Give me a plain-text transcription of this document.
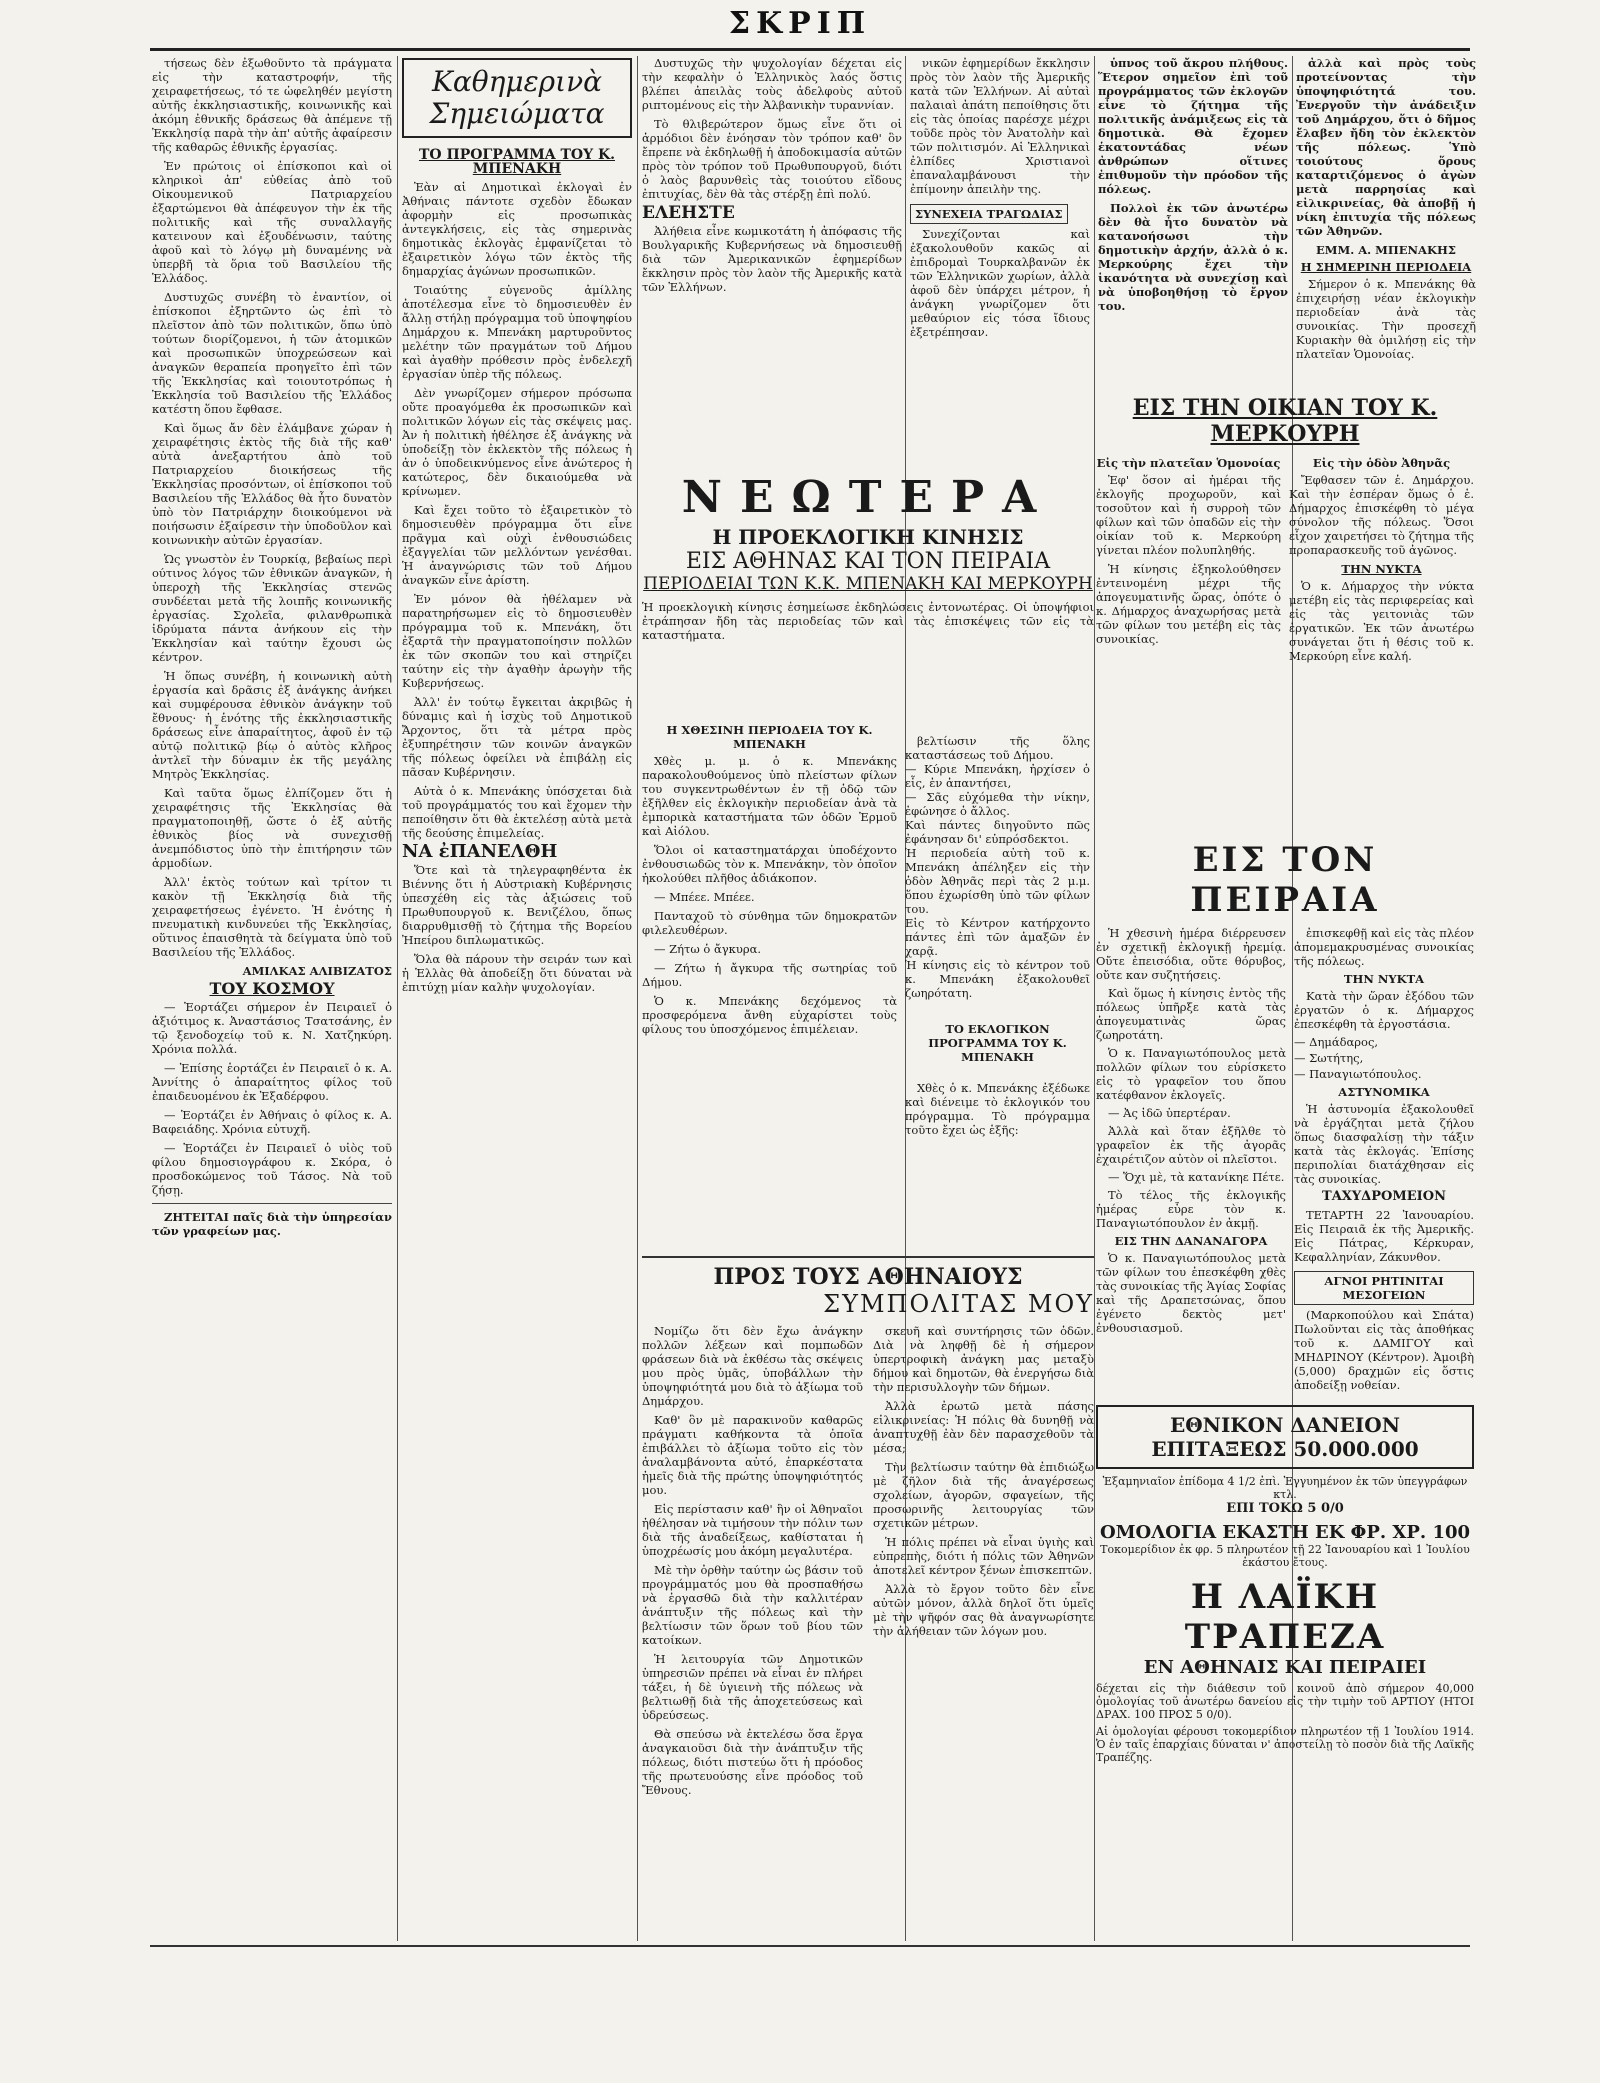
ΣΚΡΙΠ

τήσεως δὲν ἐξωθοῦντο τὰ πράγματα εἰς τὴν καταστροφήν, τῆς χειραφετήσεως, τό τε ὡφεληθέν μεγίστη αὐτῆς ἐκκλησιαστικῆς, κοινωνικῆς καὶ ἀκόμη ἐθνικῆς δράσεως θὰ ἀπέμενε τῇ Ἐκκλησίᾳ παρὰ τὴν ἀπ' αὐτῆς ἀφαίρεσιν τῆς καθαρῶς ἐθνικῆς ἐργασίας.

Ἐν πρώτοις οἱ ἐπίσκοποι καὶ οἱ κληρικοὶ ἀπ' εὐθείας ἀπὸ τοῦ Οἰκουμενικοῦ Πατριαρχείου ἐξαρτώμενοι θὰ ἀπέφευγον τὴν ἐκ τῆς πολιτικῆς καὶ τῆς συναλλαγῆς κατεινουν καὶ ἐξουδένωσιν, ταύτης ἀφοῦ καὶ τὸ λόγῳ μὴ δυναμένης νὰ ὑπερβῆ τὰ ὅρια τοῦ Βασιλείου τῆς Ἑλλάδος.

Δυστυχῶς συνέβη τὸ ἐναντίον, οἱ ἐπίσκοποι ἐξηρτῶντο ὡς ἐπὶ τὸ πλεῖστον ἀπὸ τῶν πολιτικῶν, ὅπω ὑπὸ τούτων διορίζομενοι, ἡ τῶν ἀτομικῶν καὶ προσωπικῶν ὑποχρεώσεων καὶ ἀναγκῶν θεραπεία προηγεῖτο ἐπὶ τῶν τῆς Ἐκκλησίας καὶ τοιουτοτρόπως ἡ Ἐκκλησία τοῦ Βασιλείου τῆς Ἑλλάδος κατέστη ὅπου ἔφθασε.

Καὶ ὅμως ἄν δὲν ἐλάμβανε χώραν ἡ χειραφέτησις ἐκτὸς τῆς διὰ τῆς καθ' αὐτὰ ἀνεξαρτήτου ἀπὸ τοῦ Πατριαρχείου διοικήσεως τῆς Ἐκκλησίας προσόντων, οἱ ἐπίσκοποι τοῦ Βασιλείου τῆς Ἑλλάδος θὰ ἦτο δυνατὸν ὑπὸ τὸν Πατριάρχην διοικούμενοι νὰ ποιήσωσιν ἐξαίρεσιν τὴν ὑποδοῦλον καὶ κοινωνικὴν αὐτῶν ἐργασίαν.

Ὡς γνωστὸν ἐν Τουρκίᾳ, βεβαίως περὶ ούτινος λόγος τῶν ἐθνικῶν ἀναγκῶν, ἡ ὑπεροχὴ τῆς Ἐκκλησίας στενῶς συνδέεται μετὰ τῆς λοιπῆς κοινωνικῆς ἐργασίας. Σχολεῖα, φιλανθρωπικὰ ἱδρύματα πάντα ἀνήκουν εἰς τὴν Ἐκκλησίαν καὶ ταύτην ἔχουσι ὡς κέντρον.

Ἡ ὅπως συνέβη, ἡ κοινωνικὴ αὐτὴ ἐργασία καὶ δρᾶσις ἐξ ἀνάγκης ἀνήκει καὶ συμφέρουσα ἐθνικὸν ἀνάγκην τοῦ ἔθνους· ἡ ἑνότης τῆς ἐκκλησιαστικῆς δράσεως εἶνε ἀπαραίτητος, ἀφοῦ ἐν τῷ αὐτῷ πολιτικῷ βίῳ ὁ αὐτὸς κλῆρος ἀντλεῖ τὴν δύναμιν ἐκ τῆς μεγάλης Μητρὸς Ἐκκλησίας.

Καὶ ταῦτα ὅμως ἐλπίζομεν ὅτι ἡ χειραφέτησις τῆς Ἐκκλησίας θὰ πραγματοποιηθῇ, ὥστε ὁ ἐξ αὐτῆς ἐθνικὸς βίος νὰ συνεχισθῇ ἀνεμπόδιστος ὑπὸ τὴν ἐπιτήρησιν τῶν ἁρμοδίων.

Ἀλλ' ἐκτὸς τούτων καὶ τρίτον τι κακὸν τῇ Ἐκκλησίᾳ διὰ τῆς χειραφετήσεως ἐγένετο. Ἡ ἐνότης ἡ πνευματικὴ κινδυνεύει τῆς Ἐκκλησίας, οὕτινος ἐπαισθητὰ τὰ δείγματα ὑπὸ τοῦ Βασιλείου τῆς Ἑλλάδος.

ΑΜΙΛΚΑΣ ΑΛΙΒΙΖΑΤΟΣ
ΤΟΥ ΚΟΣΜΟΥ

— Ἑορτάζει σήμερον ἐν Πειραιεῖ ὁ ἀξιότιμος κ. Ἀναστάσιος Τσατσάνης, ἐν τῷ ξενοδοχείῳ τοῦ κ. Ν. Χατζηκύρη. Χρόνια πολλά.

— Ἑπίσης ἑορτάζει ἐν Πειραιεῖ ὁ κ. Α. Ἀννίτης ὁ ἀπαραίτητος φίλος τοῦ ἐπαιδευομένου ἐκ Ἑξαδέρφου.

— Ἑορτάζει ἐν Ἀθήναις ὁ φίλος κ. Α. Βαφειάδης. Χρόνια εὐτυχῆ.

— Ἑορτάζει ἐν Πειραιεῖ ὁ υἱὸς τοῦ φίλου δημοσιογράφου κ. Σκόρα, ὁ προσδοκώμενος τοῦ Τάσος. Νὰ τοῦ ζήσῃ.

ΖΗΤΕΙΤΑΙ παῖς διὰ τὴν ὑπηρεσίαν τῶν γραφείων μας.

Καθημερινὰ Σημειώματα
ΤΟ ΠΡΟΓΡΑΜΜΑ ΤΟΥ Κ. ΜΠΕΝΑΚΗ

Ἐὰν αἱ Δημοτικαὶ ἐκλογαὶ ἐν Ἀθήναις πάντοτε σχεδὸν ἔδωκαν ἀφορμὴν εἰς προσωπικὰς ἀντεγκλήσεις, εἰς τὰς σημερινὰς δημοτικὰς ἐκλογὰς ἐμφανίζεται τὸ ἐξαιρετικὸν λόγω τῶν ἐκτὸς τῆς δημαρχίας ἀγώνων προσωπικῶν.

Τοιαύτης εὐγενοῦς ἁμίλλης ἀποτέλεσμα εἶνε τὸ δημοσιευθὲν ἐν ἄλλῃ στήλῃ πρόγραμμα τοῦ ὑποψηφίου Δημάρχου κ. Μπενάκη μαρτυροῦντος μελέτην τῶν πραγμάτων τοῦ Δήμου καὶ ἀγαθὴν πρόθεσιν πρὸς ἐνδελεχῆ ἐργασίαν ὑπὲρ τῆς πόλεως.

Δὲν γνωρίζομεν σήμερον πρόσωπα οὔτε προαγόμεθα ἐκ προσωπικῶν καὶ πολιτικῶν λόγων εἰς τὰς σκέψεις μας. Ἀν ἡ πολιτικὴ ἡθέλησε ἐξ ἀνάγκης νὰ ὑποδείξῃ τὸν ἐκλεκτὸν τῆς πόλεως ἡ ἀν ὁ ὑποδεικνύμενος εἶνε ἀνώτερος ἡ κατώτερος, δὲν δικαιούμεθα νὰ κρίνωμεν.

Καὶ ἔχει τοῦτο τὸ ἐξαιρετικὸν τὸ δημοσιευθὲν πρόγραμμα ὅτι εἶνε πρᾶγμα καὶ οὐχὶ ἐνθουσιώδεις ἐξαγγελίαι τῶν μελλόντων γενέσθαι. Ἡ ἀναγνώρισις τῶν τοῦ Δήμου ἀναγκῶν εἶνε ἀρίστη.

Ἐν μόνον θὰ ἠθέλαμεν νὰ παρατηρήσωμεν εἰς τὸ δημοσιευθὲν πρόγραμμα τοῦ κ. Μπενάκη, ὅτι ἐξαρτᾶ τὴν πραγματοποίησιν πολλῶν ἐκ τῶν σκοπῶν του καὶ στηρίζει ταύτην εἰς τὴν ἀγαθὴν ἀρωγὴν τῆς Κυβερνήσεως.

Ἀλλ' ἐν τούτῳ ἔγκειται ἀκριβῶς ἡ δύναμις καὶ ἡ ἰσχὺς τοῦ Δημοτικοῦ Ἄρχοντος, ὅτι τὰ μέτρα πρὸς ἐξυπηρέτησιν τῶν κοινῶν ἀναγκῶν τῆς πόλεως ὀφείλει νὰ ἐπιβάλῃ εἰς πᾶσαν Κυβέρνησιν.

Αὐτὰ ὁ κ. Μπενάκης ὑπόσχεται διὰ τοῦ προγράμματός του καὶ ἔχομεν τὴν πεποίθησιν ὅτι θὰ ἐκτελέσῃ αὐτὰ μετὰ τῆς δεούσης ἐπιμελείας.

ΝΑ ἐΠΑΝΕΛΘΗ

Ὅτε καὶ τὰ τηλεγραφηθέντα ἐκ Βιέννης ὅτι ἡ Αὐστριακὴ Κυβέρνησις ὑπεσχέθη εἰς τὰς ἀξιώσεις τοῦ Πρωθυπουργοῦ κ. Βενιζέλου, ὅπως διαρρυθμισθῇ τὸ ζήτημα τῆς Βορείου Ἠπείρου διπλωματικῶς.

Ὅλα θὰ πάρουν τὴν σειράν των καὶ ἡ Ἑλλὰς θὰ ἀποδείξῃ ὅτι δύναται νὰ ἐπιτύχῃ μίαν καλὴν ψυχολογίαν.

Δυστυχῶς τὴν ψυχολογίαν δέχεται εἰς τὴν κεφαλὴν ὁ Ἑλληνικὸς λαός ὅστις βλέπει ἀπειλὰς τοὺς ἀδελφοὺς αὐτοῦ ριπτομένους εἰς τὴν Ἀλβανικὴν τυραννίαν.

Τὸ θλιβερώτερον ὅμως εἶνε ὅτι οἱ ἁρμόδιοι δὲν ἐνόησαν τὸν τρόπον καθ' ὃν ἔπρεπε νὰ ἐκδηλωθῇ ἡ ἀποδοκιμασία αὐτῶν πρὸς τὸν τρόπον τοῦ Πρωθυπουργοῦ, διότι ὁ λαὸς βαρυνθεὶς τὰς τοιούτου εἴδους ἐπιτυχίας, δὲν θὰ τὰς στέρξῃ ἐπὶ πολύ.

ΕΛΕΗΣΤΕ

Ἀλήθεια εἶνε κωμικοτάτη ἡ ἀπόφασις τῆς Βουλγαρικῆς Κυβερνήσεως νὰ δημοσιευθῇ διὰ τῶν Ἀμερικανικῶν ἐφημερίδων ἔκκλησιν πρὸς τὸν λαὸν τῆς Ἀμερικῆς κατὰ τῶν Ἑλλήνων.

νικῶν ἐφημερίδων ἔκκλησιν πρὸς τὸν λαὸν τῆς Ἀμερικῆς κατὰ τῶν Ἑλλήνων. Αἱ αὐταὶ παλαιαὶ ἀπάτη πεποίθησις ὅτι εἰς τὰς ὁποίας παρέσχε μέχρι τοῦδε πρὸς τὸν Ἀνατολὴν καὶ τῶν πολιτισμόν. Αἱ Ἑλληνικαὶ ἐλπίδες Χριστιανοὶ ἐπαναλαμβάνουσι τὴν ἐπίμονην ἀπειλὴν της.

ΣΥΝΕΧΕΙΑ ΤΡΑΓΩΔΙΑΣ

Συνεχίζονται καὶ ἐξακολουθοῦν κακῶς αἱ ἐπιδρομαὶ Τουρκαλβανῶν ἐκ τῶν Ἑλληνικῶν χωρίων, ἀλλὰ ἀφοῦ δὲν ὑπάρχει μέτρον, ἡ ἀνάγκη γνωρίζομεν ὅτι μεθαύριον εἰς τόσα ἴδιους ἐξετρέπησαν.

ΝΕΩΤΕΡΑ
Η ΠΡΟΕΚΛΟΓΙΚΗ ΚΙΝΗΣΙΣ
ΕΙΣ ΑΘΗΝΑΣ ΚΑΙ ΤΟΝ ΠΕΙΡΑΙΑ
ΠΕΡΙΟΔΕΙΑΙ ΤΩΝ Κ.Κ. ΜΠΕΝΑΚΗ ΚΑΙ ΜΕΡΚΟΥΡΗ

Ἡ προεκλογικὴ κίνησις ἐσημείωσε ἐκδηλώσεις ἐντονωτέρας. Οἱ ὑποψήφιοι ἐτράπησαν ἤδη τὰς περιοδείας τῶν καὶ τὰς ἐπισκέψεις τῶν εἰς τὰ καταστήματα.

Η ΧΘΕΣΙΝΗ ΠΕΡΙΟΔΕΙΑ ΤΟΥ Κ. ΜΠΕΝΑΚΗ

Χθὲς μ. μ. ὁ κ. Μπενάκης παρακολουθούμενος ὑπὸ πλείστων φίλων του συγκεντρωθέντων ἐν τῇ ὁδῷ τῶν ἐξῆλθεν εἰς ἐκλογικὴν περιοδείαν ἀνὰ τὰ ἐμπορικὰ καταστήματα τῶν ὁδῶν Ἑρμοῦ καὶ Αἰόλου.

Ὅλοι οἱ καταστηματάρχαι ὑποδέχοντο ἐνθουσιωδῶς τὸν κ. Μπενάκην, τὸν ὁποῖον ἠκολούθει πλῆθος ἀδιάκοπον.

— Μπέεε. Μπέεε.

Πανταχοῦ τὸ σύνθημα τῶν δημοκρατῶν φιλελευθέρων.

— Ζήτω ὁ ἄγκυρα.

— Ζήτω ἡ ἄγκυρα τῆς σωτηρίας τοῦ Δήμου.

Ὁ κ. Μπενάκης δεχόμενος τὰ προσφερόμενα ἄνθη εὐχαρίστει τοὺς φίλους του ὑποσχόμενος ἐπιμέλειαν.

βελτίωσιν τῆς ὅλης καταστάσεως τοῦ Δήμου.
— Κύριε Μπενάκη, ἠρχίσεν ὁ εἷς, ἐν ἀπαντήσει,
— Σᾶς εὐχόμεθα τὴν νίκην, ἐφώνησε ὁ ἄλλος.
Καὶ πάντες διηγοῦντο πῶς ἐφάνησαν δι' εὐπρόσδεκτοι.
Ἡ περιοδεία αὐτὴ τοῦ κ. Μπενάκη ἀπέληξεν εἰς τὴν ὁδὸν Ἀθηνᾶς περὶ τὰς 2 μ.μ. ὅπου ἐχωρίσθη ὑπὸ τῶν φίλων του.
Εἰς τὸ Κέντρον κατήρχοντο πάντες ἐπὶ τῶν ἀμαξῶν ἐν χαρᾷ.
Ἡ κίνησις εἰς τὸ κέντρον τοῦ κ. Μπενάκη ἐξακολουθεῖ ζωηρότατη.

ΤΟ ΕΚΛΟΓΙΚΟΝ ΠΡΟΓΡΑΜΜΑ ΤΟΥ Κ. ΜΠΕΝΑΚΗ

Χθὲς ὁ κ. Μπενάκης ἐξέδωκε καὶ διένειμε τὸ ἐκλογικόν του πρόγραμμα. Τὸ πρόγραμμα τοῦτο ἔχει ὡς ἑξῆς:

ΠΡΟΣ ΤΟΥΣ ΑΘΗΝΑΙΟΥΣ
ΣΥΜΠΟΛΙΤΑΣ ΜΟΥ

Νομίζω ὅτι δὲν ἔχω ἀνάγκην πολλῶν λέξεων καὶ πομπωδῶν φράσεων διὰ νὰ ἐκθέσω τὰς σκέψεις μου πρὸς ὑμᾶς, ὑποβάλλων τὴν ὑποψηφιότητά μου διὰ τὸ ἀξίωμα τοῦ Δημάρχου.

Καθ' ὃν μὲ παρακινοῦν καθαρῶς πράγματι καθήκοντα τὰ ὁποῖα ἐπιβάλλει τὸ ἀξίωμα τοῦτο εἰς τὸν ἀναλαμβάνοντα αὐτό, ἐπαρκέστατα ἡμεῖς διὰ τῆς πρώτης ὑποψηφιότητός μου.

Εἰς περίστασιν καθ' ἣν οἱ Ἀθηναῖοι ἠθέλησαν νὰ τιμήσουν τὴν πόλιν των διὰ τῆς ἀναδείξεως, καθίσταται ἡ ὑποχρέωσίς μου ἀκόμη μεγαλυτέρα.

Μὲ τὴν ὀρθὴν ταύτην ὡς βάσιν τοῦ προγράμματός μου θὰ προσπαθήσω νὰ ἐργασθῶ διὰ τὴν καλλιτέραν ἀνάπτυξιν τῆς πόλεως καὶ τὴν βελτίωσιν τῶν ὅρων τοῦ βίου τῶν κατοίκων.

Ἡ λειτουργία τῶν Δημοτικῶν ὑπηρεσιῶν πρέπει νὰ εἶναι ἐν πλήρει τάξει, ἡ δὲ ὑγιεινὴ τῆς πόλεως νὰ βελτιωθῇ διὰ τῆς ἀποχετεύσεως καὶ ὑδρεύσεως.

Θὰ σπεύσω νὰ ἐκτελέσω ὅσα ἔργα ἀναγκαιοῦσι διὰ τὴν ἀνάπτυξιν τῆς πόλεως, διότι πιστεύω ὅτι ἡ πρόοδος τῆς πρωτευούσης εἶνε πρόοδος τοῦ Ἔθνους.

σκευῆ καὶ συντήρησις τῶν ὁδῶν. Διὰ νὰ ληφθῇ δὲ ἡ σήμερον ὑπερτροφικὴ ἀνάγκη μας μεταξὺ δήμου καὶ δημοτῶν, θὰ ἐνεργήσω διὰ τὴν περισυλλογὴν τῶν δήμων.

Ἀλλὰ ἐρωτῶ μετὰ πάσης εἰλικρινείας: Ἡ πόλις θὰ δυνηθῇ νὰ ἀναπτυχθῇ ἐὰν δὲν παρασχεθοῦν τὰ μέσα;

Τὴν βελτίωσιν ταύτην θὰ ἐπιδιώξω μὲ ζῆλον διὰ τῆς ἀναγέρσεως σχολείων, ἀγορῶν, σφαγείων, τῆς προσωρινῆς λειτουργίας τῶν σχετικῶν μέτρων.

Ἡ πόλις πρέπει νὰ εἶναι ὑγιὴς καὶ εὐπρεπὴς, διότι ἡ πόλις τῶν Ἀθηνῶν ἀποτελεῖ κέντρον ξένων ἐπισκεπτῶν.

Ἀλλὰ τὸ ἔργον τοῦτο δὲν εἶνε αὐτῶν μόνον, ἀλλὰ δηλοῖ ὅτι ὑμεῖς μὲ τὴν ψῆφόν σας θὰ ἀναγνωρίσητε τὴν ἀλήθειαν τῶν λόγων μου.

ὑπνος τοῦ ἄκρου πλήθους. Ἕτερον σημεῖον ἐπὶ τοῦ προγράμματος τῶν ἐκλογῶν εἶνε τὸ ζήτημα τῆς πολιτικῆς ἀνάμιξεως εἰς τὰ δημοτικὰ. Θὰ ἔχομεν ἑκατοντάδας νέων ἀνθρώπων οἵτινες ἐπιθυμοῦν τὴν πρόοδον τῆς πόλεως.

Πολλοὶ ἐκ τῶν ἀνωτέρω δὲν θὰ ἦτο δυνατὸν νὰ κατανοήσωσι τὴν δημοτικὴν ἀρχήν, ἀλλὰ ὁ κ. Μερκούρης ἔχει τὴν ἱκανότητα νὰ συνεχίσῃ καὶ νὰ ὑποβοηθήσῃ τὸ ἔργον του.

ἀλλὰ καὶ πρὸς τοὺς προτείνοντας τὴν ὑποψηφιότητά του. Ἐνεργοῦν τὴν ἀνάδειξιν τοῦ Δημάρχου, ὅτι ὁ δῆμος ἔλαβεν ἤδη τὸν ἐκλεκτὸν τῆς πόλεως. Ὑπὸ τοιούτους ὅρους καταρτιζόμενος ὁ ἀγὼν μετὰ παρρησίας καὶ εἰλικρινείας, θὰ ἀποβῇ ἡ νίκη ἐπιτυχία τῆς πόλεως τῶν Ἀθηνῶν.

ΕΜΜ. Α. ΜΠΕΝΑΚΗΣ
Η ΣΗΜΕΡΙΝΗ ΠΕΡΙΟΔΕΙΑ

Σήμερον ὁ κ. Μπενάκης θὰ ἐπιχειρήσῃ νέαν ἐκλογικὴν περιοδείαν ἀνὰ τὰς συνοικίας. Τὴν προσεχῆ Κυριακὴν θὰ ὁμιλήσῃ εἰς τὴν πλατεῖαν Ὁμονοίας.

ΕΙΣ ΤΗΝ ΟΙΚΙΑΝ ΤΟΥ Κ. ΜΕΡΚΟΥΡΗ
Εἰς τὴν πλατεῖαν Ὁμονοίας

Ἐφ' ὅσον αἱ ἡμέραι τῆς ἐκλογῆς προχωροῦν, καὶ τοσοῦτον καὶ ἡ συρροὴ τῶν φίλων καὶ τῶν ὀπαδῶν εἰς τὴν οἰκίαν τοῦ κ. Μερκούρη γίνεται πλέον πολυπληθής.

Ἡ κίνησις ἐξηκολούθησεν ἐντεινομένη μέχρι τῆς ἀπογευματινῆς ὥρας, ὁπότε ὁ κ. Δήμαρχος ἀναχωρήσας μετὰ τῶν φίλων του μετέβη εἰς τὰς συνοικίας.

Εἰς τὴν ὁδὸν Ἀθηνᾶς

Ἔφθασεν τῶν ἑ. Δημάρχου. Καὶ τὴν ἐσπέραν ὅμως ὁ ἑ. Δήμαρχος ἐπισκέφθη τὸ μέγα σύνολον τῆς πόλεως. Ὅσοι εἶχον χαιρετήσει τὸ ζήτημα τῆς προπαρασκευῆς τοῦ ἀγῶνος.

ΤΗΝ ΝΥΚΤΑ

Ὁ κ. Δήμαρχος τὴν νύκτα μετέβη εἰς τὰς περιφερείας καὶ εἰς τὰς γειτονιὰς τῶν ἐργατικῶν. Ἐκ τῶν ἀνωτέρω συνάγεται ὅτι ἡ θέσις τοῦ κ. Μερκούρη εἶνε καλή.

ΕΙΣ ΤΟΝ ΠΕΙΡΑΙΑ

Ἡ χθεσινὴ ἡμέρα διέρρευσεν ἐν σχετικῇ ἐκλογικῇ ἠρεμίᾳ. Οὔτε ἐπεισόδια, οὔτε θόρυβος, οὔτε καν συζητήσεις.

Καὶ ὅμως ἡ κίνησις ἐντὸς τῆς πόλεως ὑπῆρξε κατὰ τὰς ἀπογευματινὰς ὥρας ζωηροτάτη.

Ὁ κ. Παναγιωτόπουλος μετὰ πολλῶν φίλων του εὑρίσκετο εἰς τὸ γραφεῖον του ὅπου κατέφθανον ἐκλογεῖς.

— Ἀς ἰδῶ ὑπερτέραν.

Ἀλλὰ καὶ ὅταν ἐξῆλθε τὸ γραφεῖον ἐκ τῆς ἀγορᾶς ἐχαιρέτιζον αὐτὸν οἱ πλεῖστοι.

— Ὅχι μὲ, τὰ κατανίκηε Πέτε.

Τὸ τέλος τῆς ἐκλογικῆς ἡμέρας εὗρε τὸν κ. Παναγιωτόπουλον ἐν ἀκμῇ.

ΕΙΣ ΤΗΝ ΔΑΝΑΝΑΓΟΡΑ

Ὁ κ. Παναγιωτόπουλος μετὰ τῶν φίλων του ἐπεσκέφθη χθὲς τὰς συνοικίας τῆς Ἁγίας Σοφίας καὶ τῆς Δραπετσώνας, ὅπου ἐγένετο δεκτὸς μετ' ἐνθουσιασμοῦ.

ἐπισκεφθῇ καὶ εἰς τὰς πλέον ἀπομεμακρυσμένας συνοικίας τῆς πόλεως.

ΤΗΝ ΝΥΚΤΑ

Κατὰ τὴν ὥραν ἐξόδου τῶν ἐργατῶν ὁ κ. Δήμαρχος ἐπεσκέφθη τὰ ἐργοστάσια.

— Δημάδαρος,

— Σωτήτης,

— Παναγιωτόπουλος.

ΑΣΤΥΝΟΜΙΚΑ

Ἡ ἀστυνομία ἐξακολουθεῖ νὰ ἐργάζηται μετὰ ζήλου ὅπως διασφαλίσῃ τὴν τάξιν κατὰ τὰς ἐκλογάς. Ἐπίσης περιπολίαι διατάχθησαν εἰς τὰς συνοικίας.

ΤΑΧΥΔΡΟΜΕΙΟΝ

ΤΕΤΑΡΤΗ 22 Ἰανουαρίου. Εἰς Πειραιᾶ ἐκ τῆς Ἀμερικῆς. Εἰς Πάτρας, Κέρκυραν, Κεφαλληνίαν, Ζάκυνθον.

ΑΓΝΟΙ ΡΗΤΙΝΙΤΑΙ ΜΕΣΟΓΕΙΩΝ

(Μαρκοπούλου καὶ Σπάτα) Πωλοῦνται εἰς τὰς ἀποθήκας τοῦ κ. ΔΑΜΙΓΟΥ καὶ ΜΗΔΡΙΝΟΥ (Κέντρον). Ἀμοιβὴ (5,000) δραχμῶν εἰς ὅστις ἀποδείξῃ νοθείαν.

ΕΘΝΙΚΟΝ ΔΑΝΕΙΟΝ ΕΠΙΤΑΞΕΩΣ 50.000.000
Ἐξαμηνιαῖον ἐπίδομα 4 1/2 ἐπὶ. Ἐγγυημένον ἐκ τῶν ὑπεγγράφων κτλ.
ΕΠΙ ΤΟΚΩ 5 0/0
ΟΜΟΛΟΓΙΑ ΕΚΑΣΤΗ ΕΚ ΦΡ. ΧΡ. 100
Τοκομερίδιον ἐκ φρ. 5 πληρωτέον τῇ 22 Ἰανουαρίου καὶ 1 Ἰουλίου ἑκάστου ἔτους.
Η ΛΑΪΚΗ ΤΡΑΠΕΖΑ
ΕΝ ΑΘΗΝΑΙΣ ΚΑΙ ΠΕΙΡΑΙΕΙ
δέχεται εἰς τὴν διάθεσιν τοῦ κοινοῦ ἀπὸ σήμερον 40,000 ὁμολογίας τοῦ ἀνωτέρω δανείου εἰς τὴν τιμὴν τοῦ ΑΡΤΙΟΥ (ΗΤΟΙ ΔΡΑΧ. 100 ΠΡΟΣ 5 0/0).
Αἱ ὁμολογίαι φέρουσι τοκομερίδιον πληρωτέον τῇ 1 Ἰουλίου 1914. Ὁ ἐν ταῖς ἐπαρχίαις δύναται ν' ἀποστείλῃ τὸ ποσὸν διὰ τῆς Λαϊκῆς Τραπέζης.
